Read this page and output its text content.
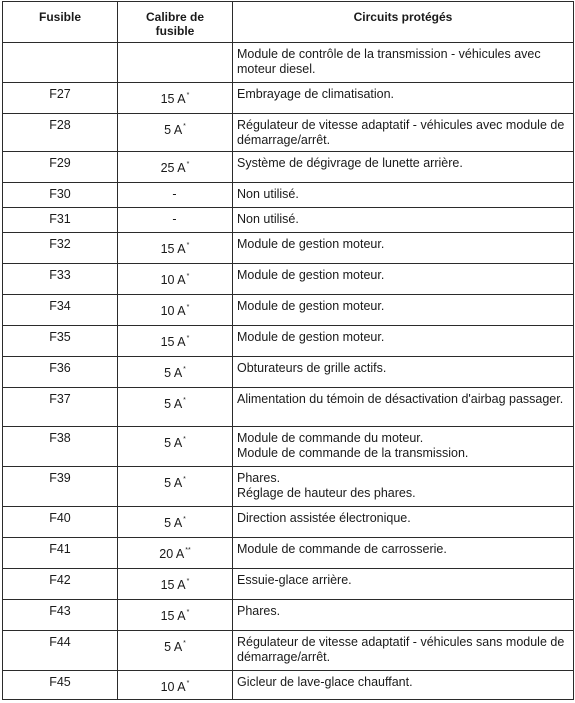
Fusible	Calibre de fusible	Circuits protégés

		Module de contrôle de la transmission - véhicules avec moteur diesel.

F27	15 A*	Embrayage de climatisation.

F28	5 A*	Régulateur de vitesse adaptatif - véhicules avec module de démarrage/arrêt.

F29	25 A*	Système de dégivrage de lunette arrière.

F30	-	Non utilisé.

F31	-	Non utilisé.

F32	15 A*	Module de gestion moteur.

F33	10 A*	Module de gestion moteur.

F34	10 A*	Module de gestion moteur.

F35	15 A*	Module de gestion moteur.

F36	5 A*	Obturateurs de grille actifs.

F37	5 A*	Alimentation du témoin de désactivation d'airbag passager.

F38	5 A*	Module de commande du moteur.
Module de commande de la transmission.

F39	5 A*	Phares.
Réglage de hauteur des phares.

F40	5 A*	Direction assistée électronique.

F41	20 A**	Module de commande de carrosserie.

F42	15 A*	Essuie-glace arrière.

F43	15 A*	Phares.

F44	5 A*	Régulateur de vitesse adaptatif - véhicules sans module de démarrage/arrêt.

F45	10 A*	Gicleur de lave-glace chauffant.
